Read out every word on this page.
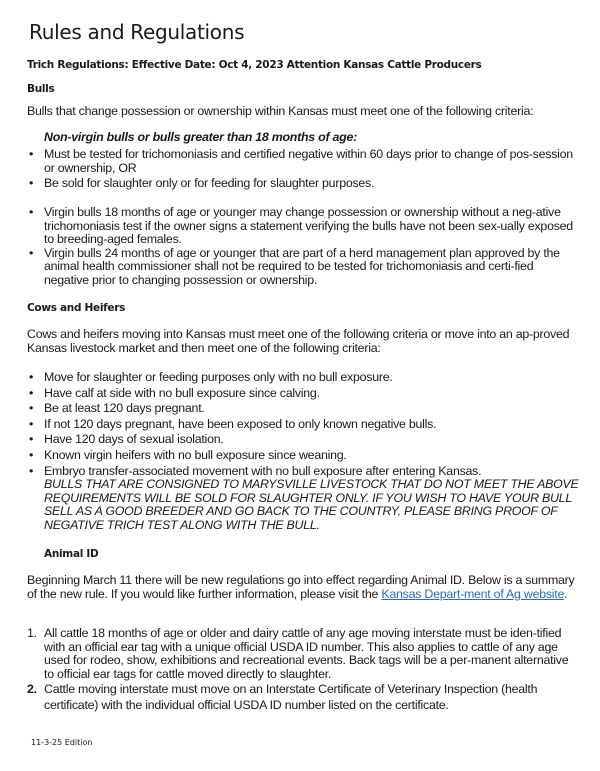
Rules and Regulations
Trich Regulations: Effective Date: Oct 4, 2023 Attention Kansas Cattle Producers
Bulls
Bulls that change possession or ownership within Kansas must meet one of the following criteria:
Non-virgin bulls or bulls greater than 18 months of age:
• Must be tested for trichomoniasis and certified negative within 60 days prior to change of pos-session or ownership, OR
• Be sold for slaughter only or for feeding for slaughter purposes.
• Virgin bulls 18 months of age or younger may change possession or ownership without a neg-ative trichomoniasis test if the owner signs a statement verifying the bulls have not been sex-ually exposed to breeding-aged females.
• Virgin bulls 24 months of age or younger that are part of a herd management plan approved by the animal health commissioner shall not be required to be tested for trichomoniasis and certi-fied negative prior to changing possession or ownership.
Cows and Heifers
Cows and heifers moving into Kansas must meet one of the following criteria or move into an ap-proved Kansas livestock market and then meet one of the following criteria:
• Move for slaughter or feeding purposes only with no bull exposure.
• Have calf at side with no bull exposure since calving.
• Be at least 120 days pregnant.
• If not 120 days pregnant, have been exposed to only known negative bulls.
• Have 120 days of sexual isolation.
• Known virgin heifers with no bull exposure since weaning.
• Embryo transfer-associated movement with no bull exposure after entering Kansas.
BULLS THAT ARE CONSIGNED TO MARYSVILLE LIVESTOCK THAT DO NOT MEET THE ABOVE REQUIREMENTS WILL BE SOLD FOR SLAUGHTER ONLY. IF YOU WISH TO HAVE YOUR BULL SELL AS A GOOD BREEDER AND GO BACK TO THE COUNTRY, PLEASE BRING PROOF OF NEGATIVE TRICH TEST ALONG WITH THE BULL.
Animal ID
Beginning March 11 there will be new regulations go into effect regarding Animal ID. Below is a summary of the new rule. If you would like further information, please visit the Kansas Depart-ment of Ag website.
1. All cattle 18 months of age or older and dairy cattle of any age moving interstate must be iden-tified with an official ear tag with a unique official USDA ID number. This also applies to cattle of any age used for rodeo, show, exhibitions and recreational events. Back tags will be a per-manent alternative to official ear tags for cattle moved directly to slaughter.
2. Cattle moving interstate must move on an Interstate Certificate of Veterinary Inspection (health certificate) with the individual official USDA ID number listed on the certificate.
11-3-25 Edition
